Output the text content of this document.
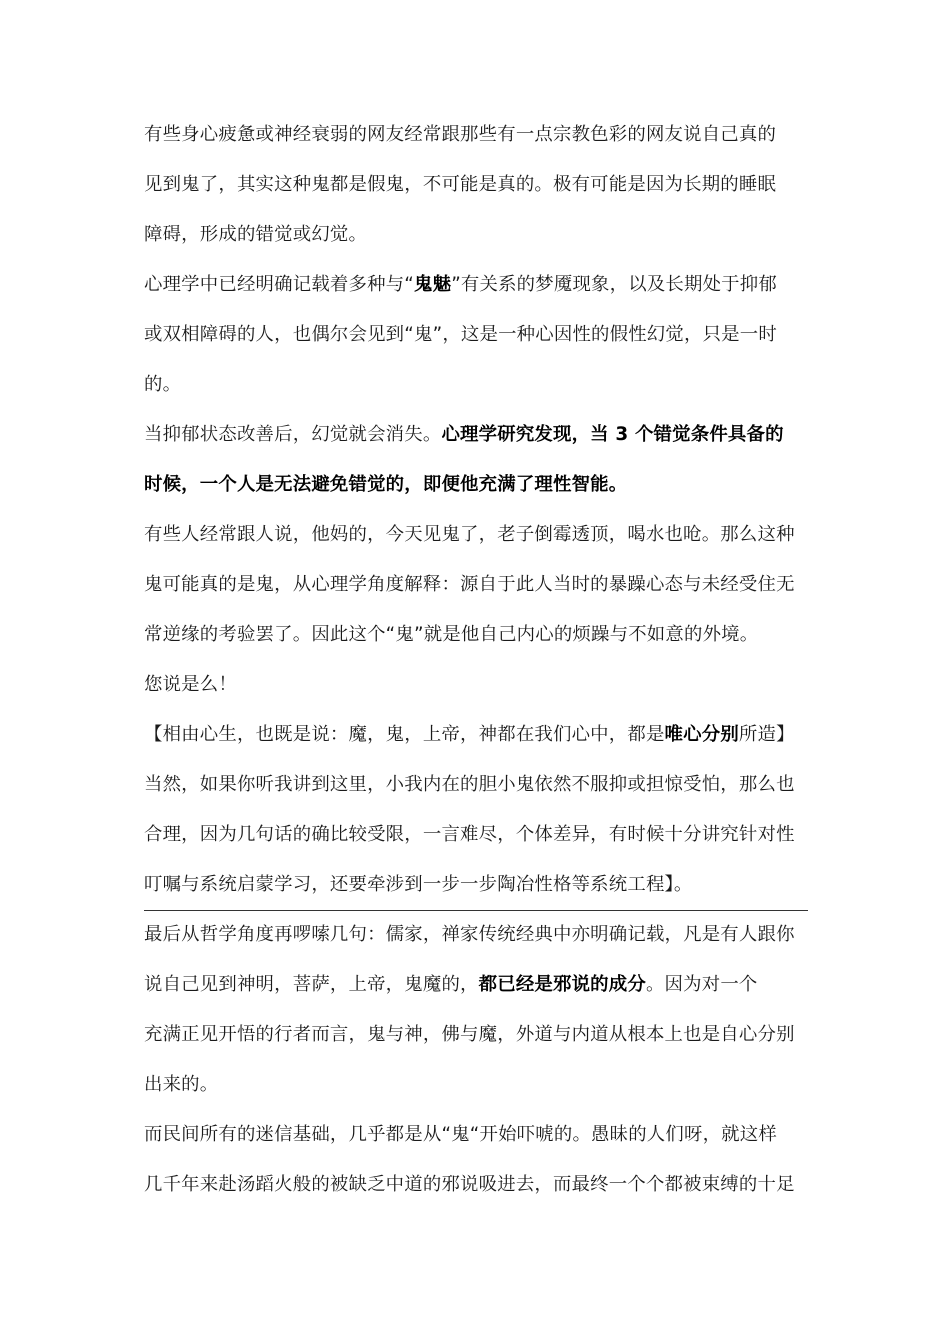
有些身心疲惫或神经衰弱的网友经常跟那些有一点宗教色彩的网友说自己真的
见到鬼了，其实这种鬼都是假鬼，不可能是真的。极有可能是因为长期的睡眠
障碍，形成的错觉或幻觉。
心理学中已经明确记载着多种与“鬼魅”有关系的梦魇现象，以及长期处于抑郁
或双相障碍的人，也偶尔会见到“鬼”，这是一种心因性的假性幻觉，只是一时
的。
当抑郁状态改善后，幻觉就会消失。心理学研究发现，当 3 个错觉条件具备的
时候，一个人是无法避免错觉的，即便他充满了理性智能。
有些人经常跟人说，他妈的，今天见鬼了，老子倒霉透顶，喝水也呛。那么这种
鬼可能真的是鬼，从心理学角度解释：源自于此人当时的暴躁心态与未经受住无
常逆缘的考验罢了。因此这个“鬼”就是他自己内心的烦躁与不如意的外境。
您说是么！
【相由心生，也既是说：魔，鬼，上帝，神都在我们心中，都是唯心分别所造】
当然，如果你听我讲到这里，小我内在的胆小鬼依然不服抑或担惊受怕，那么也
合理，因为几句话的确比较受限，一言难尽，个体差异，有时候十分讲究针对性
叮嘱与系统启蒙学习，还要牵涉到一步一步陶冶性格等系统工程】。
最后从哲学角度再啰嗦几句：儒家，禅家传统经典中亦明确记载，凡是有人跟你
说自己见到神明，菩萨，上帝，鬼魔的，都已经是邪说的成分。因为对一个
充满正见开悟的行者而言，鬼与神，佛与魔，外道与内道从根本上也是自心分别
出来的。
而民间所有的迷信基础，几乎都是从“鬼“开始吓唬的。愚昧的人们呀，就这样
几千年来赴汤蹈火般的被缺乏中道的邪说吸进去，而最终一个个都被束缚的十足
